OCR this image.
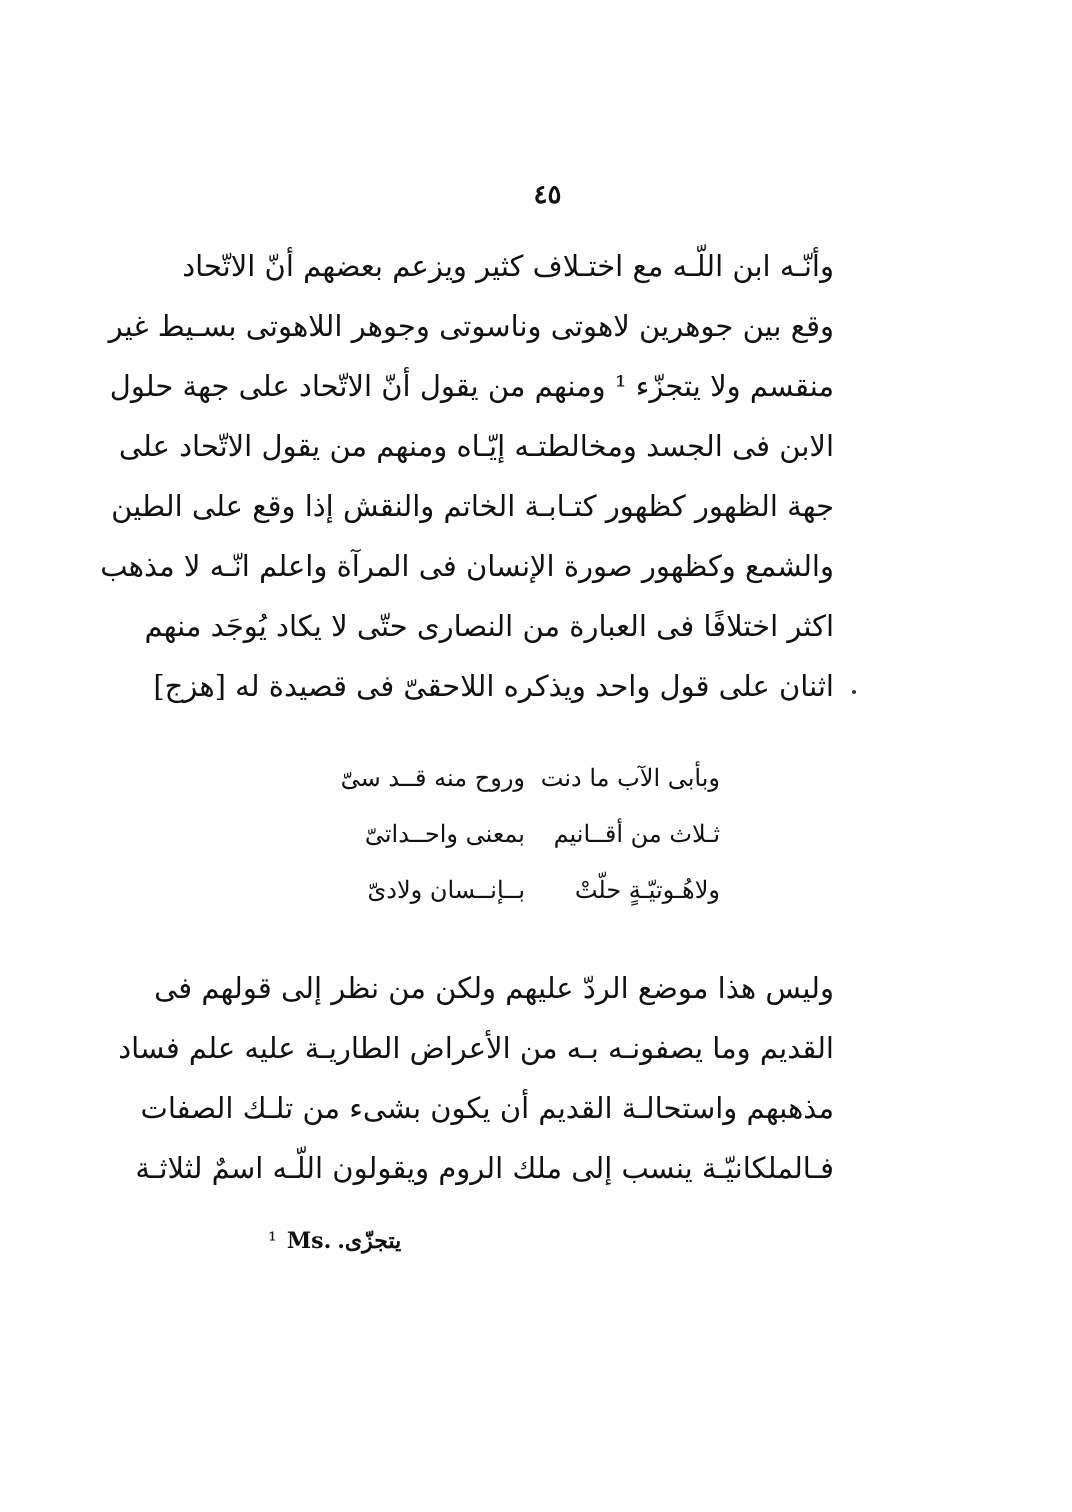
٤٥
وأنّـه ابن اللّـه مع اختـلاف كثير ويزعم بعضهم أنّ الاتّحاد
وقع بين جوهرين لاهوتى وناسوتى وجوهر اللاهوتى بسـيط غير
منقسم ولا يتجزّء ¹ ومنهم من يقول أنّ الاتّحاد على جهة حلول
الابن فى الجسد ومخالطتـه إيّـاه ومنهم من يقول الاتّحاد على
جهة الظهور كظهور كتـابـة الخاتم والنقش إذا وقع على الطين
والشمع وكظهور صورة الإنسان فى المرآة واعلم انّـه لا مذهب
اكثر اختلافًا فى العبارة من النصارى حتّى لا يكاد يُوجَد منهم
اثنان على قول واحد ويذكره اللاحقىّ فى قصيدة له [هزج]
وبأبى الآب ما دنت
وروح منه قــد سىّ
ثـلاث من أقــانيم
بمعنى واحــداتىّ
ولاهُـوتيّـةٍ حلّتْ
بــإنــسان ولادىّ
وليس هذا موضع الردّ عليهم ولكن من نظر إلى قولهم فى
القديم وما يصفونـه بـه من الأعراض الطاريـة عليه علم فساد
مذهبهم واستحالـة القديم أن يكون بشىء من تلـك الصفات
فـالملكانيّـة ينسب إلى ملك الروم ويقولون اللّـه اسمٌ لثلاثـة
¹ Ms. يتجزّى.
